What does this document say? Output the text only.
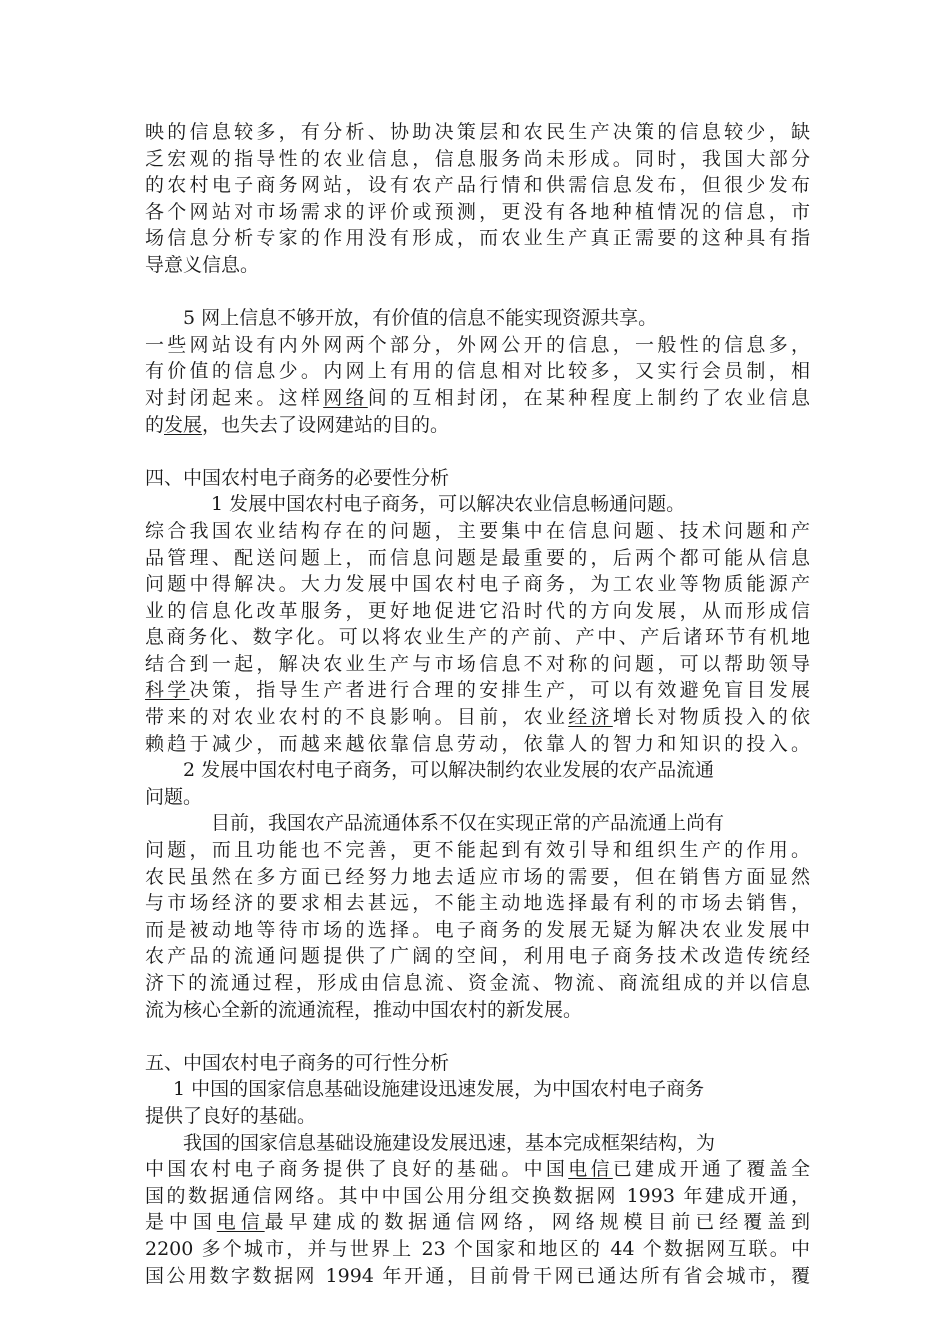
映的信息较多，有分析、协助决策层和农民生产决策的信息较少，缺
乏宏观的指导性的农业信息，信息服务尚未形成。同时，我国大部分
的农村电子商务网站，设有农产品行情和供需信息发布，但很少发布
各个网站对市场需求的评价或预测，更没有各地种植情况的信息，市
场信息分析专家的作用没有形成，而农业生产真正需要的这种具有指
导意义信息。
5 网上信息不够开放，有价值的信息不能实现资源共享。
一些网站设有内外网两个部分，外网公开的信息，一般性的信息多，
有价值的信息少。内网上有用的信息相对比较多，又实行会员制，相
对封闭起来。这样网络间的互相封闭，在某种程度上制约了农业信息
的发展，也失去了设网建站的目的。
四、中国农村电子商务的必要性分析
1 发展中国农村电子商务，可以解决农业信息畅通问题。
综合我国农业结构存在的问题，主要集中在信息问题、技术问题和产
品管理、配送问题上，而信息问题是最重要的，后两个都可能从信息
问题中得解决。大力发展中国农村电子商务，为工农业等物质能源产
业的信息化改革服务，更好地促进它沿时代的方向发展，从而形成信
息商务化、数字化。可以将农业生产的产前、产中、产后诸环节有机地
结合到一起，解决农业生产与市场信息不对称的问题，可以帮助领导
科学决策，指导生产者进行合理的安排生产，可以有效避免盲目发展
带来的对农业农村的不良影响。目前，农业经济增长对物质投入的依
赖趋于减少，而越来越依靠信息劳动，依靠人的智力和知识的投入。
2 发展中国农村电子商务，可以解决制约农业发展的农产品流通
问题。
目前，我国农产品流通体系不仅在实现正常的产品流通上尚有
问题，而且功能也不完善，更不能起到有效引导和组织生产的作用。
农民虽然在多方面已经努力地去适应市场的需要，但在销售方面显然
与市场经济的要求相去甚远，不能主动地选择最有利的市场去销售，
而是被动地等待市场的选择。电子商务的发展无疑为解决农业发展中
农产品的流通问题提供了广阔的空间，利用电子商务技术改造传统经
济下的流通过程，形成由信息流、资金流、物流、商流组成的并以信息
流为核心全新的流通流程，推动中国农村的新发展。
五、中国农村电子商务的可行性分析
1 中国的国家信息基础设施建设迅速发展，为中国农村电子商务
提供了良好的基础。
我国的国家信息基础设施建设发展迅速，基本完成框架结构，为
中国农村电子商务提供了良好的基础。中国电信已建成开通了覆盖全
国的数据通信网络。其中中国公用分组交换数据网 1993 年建成开通，
是中国电信最早建成的数据通信网络，网络规模目前已经覆盖到
2200 多个城市，并与世界上 23 个国家和地区的 44 个数据网互联。中
国公用数字数据网 1994 年开通，目前骨干网已通达所有省会城市，覆
